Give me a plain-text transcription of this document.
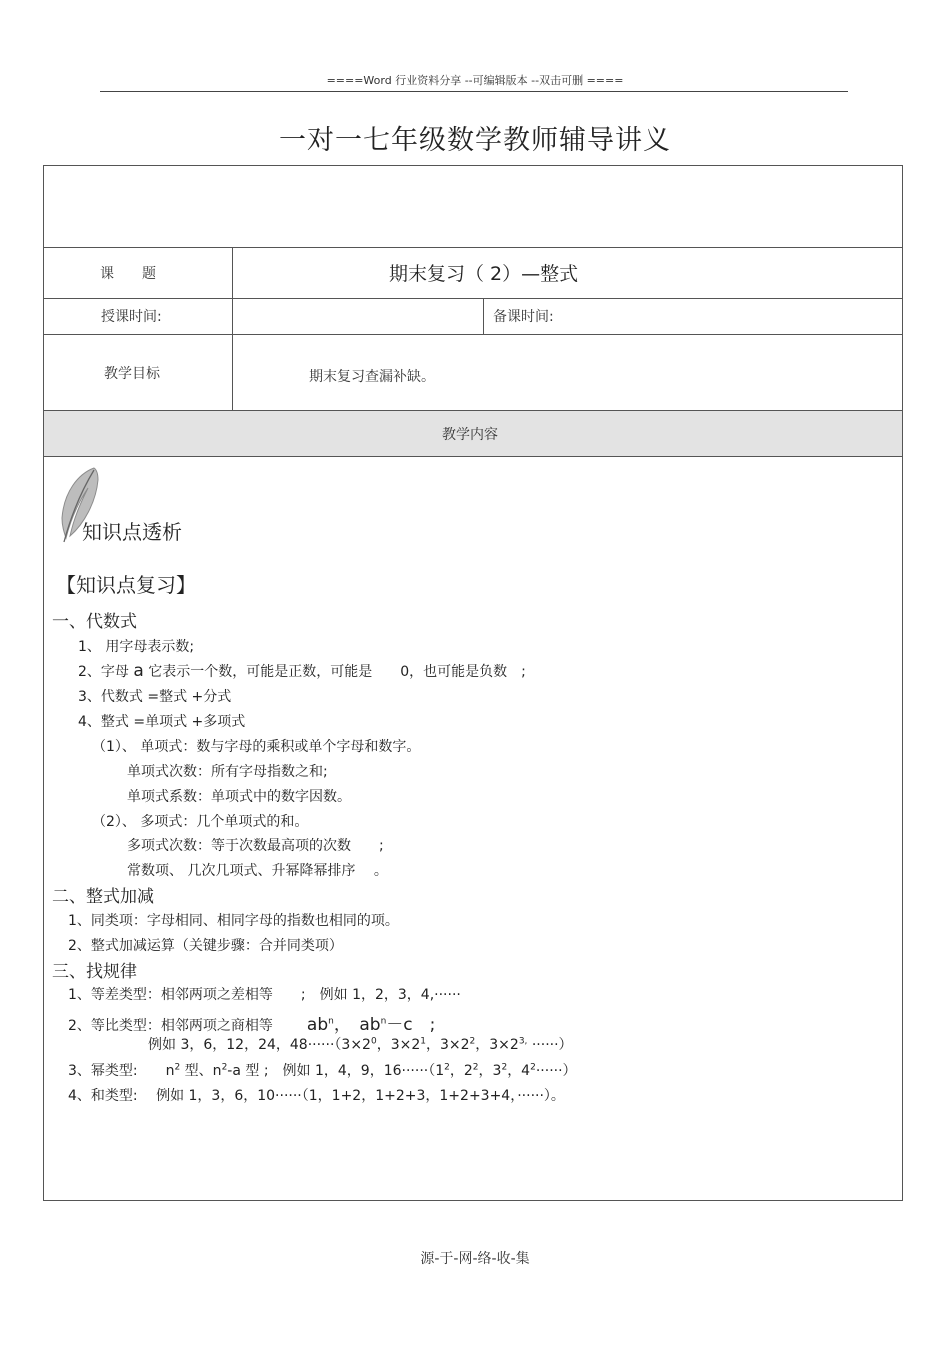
====Word 行业资料分享 --可编辑版本 --双击可删 ====
一对一七年级数学教师辅导讲义
课　　题	期末复习（ 2）—整式
授课时间:	备课时间:
教学目标	期末复习查漏补缺。
教学内容
知识点透析
【知识点复习】
一、代数式
1、 用字母表示数;
2、字母 a 它表示一个数，可能是正数，可能是　　0，也可能是负数　;
3、代数式 =整式 +分式
4、整式 =单项式 +多项式
（1）、 单项式：数与字母的乘积或单个字母和数字。
单项式次数：所有字母指数之和;
单项式系数：单项式中的数字因数。
（2）、 多项式：几个单项式的和。
多项式次数：等于次数最高项的次数　　;
常数项、 几次几项式、升幂降幂排序　 。
二、整式加减
1、同类项：字母相同、相同字母的指数也相同的项。
2、整式加减运算（关键步骤：合并同类项）
三、找规律
1、等差类型：相邻两项之差相等　　;　例如 1，2，3，4,······
2、等比类型：相邻两项之商相等 $ab^n$，　$ab^n-c$　;
例如 3，6，12，24，$48\cdot\cdot\cdot\cdot\cdot\cdot(3\times 2^0$，$3\times 2^1$，$3\times 2^2$，$3\times 2^{3,}$ ······）
3、幂类型:　　$n^2$ 型、$n^2-a$ 型 ;　例如 1，4，9，$16\cdot\cdot\cdot\cdot\cdot\cdot(1^2$，$2^2$，$3^2$，$4^2\cdot\cdot\cdot\cdot\cdot\cdot$）
4、和类型:　 例如 1，3，6，10······（1，1+2，1+2+3，1+2+3+4，······）。
源-于-网-络-收-集
